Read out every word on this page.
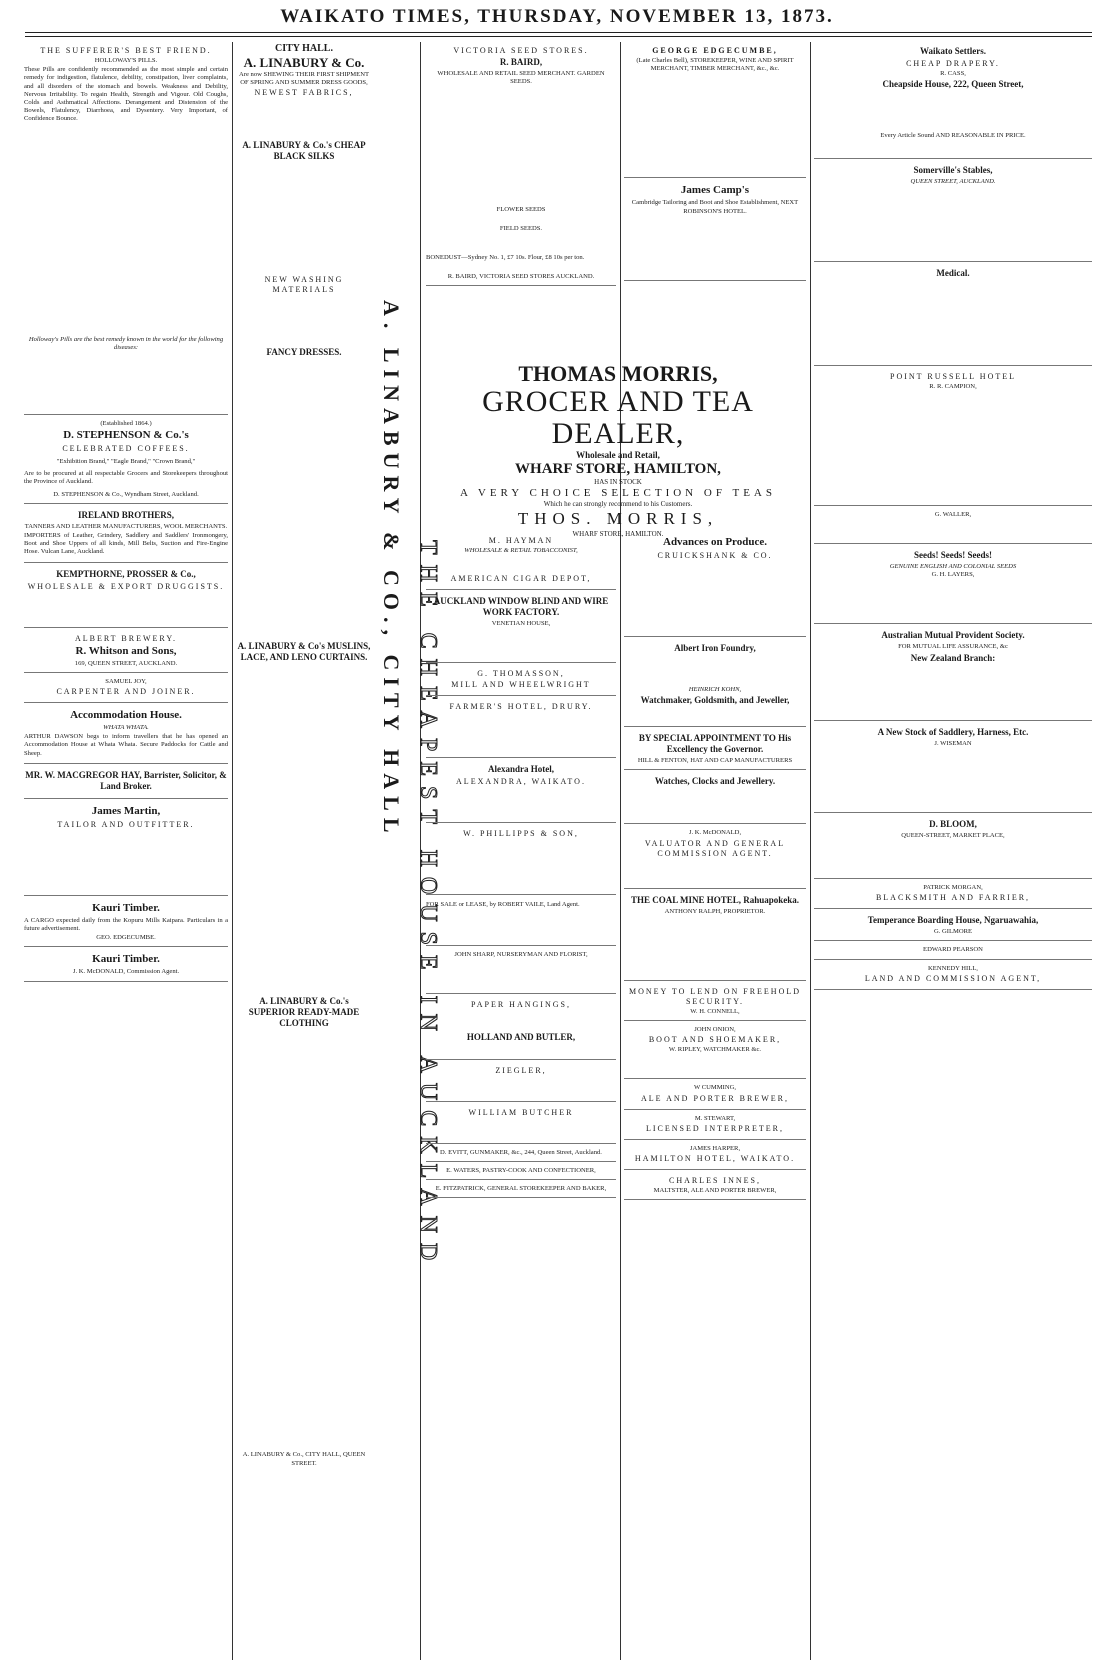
WAIKATO TIMES, THURSDAY, NOVEMBER 13, 1873.
THE SUFFERER'S BEST FRIEND.
HOLLOWAY'S PILLS.
These Pills are confidently recommended as the most simple and certain remedy for indigestion, flatulence, debility, constipation, liver complaints, and all disorders of the stomach and bowels. Weakness and Debility, Nervous Irritability. To regain Health, Strength and Vigour. Old Coughs, Colds and Asthmatical Affections. Derangement and Distension of the Bowels, Flatulency, Diarrhoea, and Dysentery. Very Important, of Confidence Bounce.
Holloway's Pills are the best remedy known in the world for the following diseases:
(Established 1864.)
D. STEPHENSON & Co.'s
CELEBRATED COFFEES.
"Exhibition Brand," "Eagle Brand," "Crown Brand,"
Are to be procured at all respectable Grocers and Storekeepers throughout the Province of Auckland.
D. STEPHENSON & Co., Wyndham Street, Auckland.
IRELAND BROTHERS,
TANNERS AND LEATHER MANUFACTURERS, WOOL MERCHANTS.
IMPORTERS of Leather, Grindery, Saddlery and Saddlers' Ironmongery, Boot and Shoe Uppers of all kinds, Mill Belts, Suction and Fire-Engine Hose. Vulcan Lane, Auckland.
KEMPTHORNE, PROSSER & Co.,
WHOLESALE & EXPORT DRUGGISTS.
ALBERT BREWERY.
R. Whitson and Sons,
169, QUEEN STREET, AUCKLAND.
SAMUEL JOY,
CARPENTER AND JOINER.
Accommodation House.
WHATA WHATA.
ARTHUR DAWSON begs to inform travellers that he has opened an Accommodation House at Whata Whata. Secure Paddocks for Cattle and Sheep.
MR. W. MACGREGOR HAY, Barrister, Solicitor, & Land Broker.
James Martin,
TAILOR AND OUTFITTER.
Kauri Timber.
A CARGO expected daily from the Kopuru Mills Kaipara. Particulars in a future advertisement.
GEO. EDGECUMBE.
Kauri Timber.
J. K. McDONALD, Commission Agent.
CITY HALL.
A. LINABURY & Co.
Are now SHEWING THEIR FIRST SHIPMENT OF SPRING AND SUMMER DRESS GOODS,
NEWEST FABRICS,
A. LINABURY & Co.'s CHEAP BLACK SILKS
NEW WASHING MATERIALS
FANCY DRESSES.
A. LINABURY & Co's MUSLINS, LACE, AND LENO CURTAINS.
A. LINABURY & Co.'s SUPERIOR READY-MADE CLOTHING
A. LINABURY & Co., CITY HALL, QUEEN STREET.
A. LINABURY & CO., CITY HALL THE CHEAPEST HOUSE IN AUCKLAND
VICTORIA SEED STORES.
R. BAIRD,
WHOLESALE AND RETAIL SEED MERCHANT. GARDEN SEEDS.
FLOWER SEEDS
FIELD SEEDS.
BONEDUST—Sydney No. 1, £7 10s. Flour, £8 10s per ton.
R. BAIRD, VICTORIA SEED STORES AUCKLAND.
THOMAS MORRIS,
GROCER AND TEA DEALER,
Wholesale and Retail,
WHARF STORE, HAMILTON,
HAS IN STOCK
A VERY CHOICE SELECTION OF TEAS
Which he can strongly recommend to his Customers.
THOS. MORRIS,
WHARF STORE, HAMILTON.
M. HAYMAN
WHOLESALE & RETAIL TOBACCONIST,
AMERICAN CIGAR DEPOT,
AUCKLAND WINDOW BLIND AND WIRE WORK FACTORY.
VENETIAN HOUSE,
G. THOMASSON,
MILL AND WHEELWRIGHT
FARMER'S HOTEL, DRURY.
Alexandra Hotel,
ALEXANDRA, WAIKATO.
W. PHILLIPPS & SON,
FOR SALE or LEASE, by ROBERT VAILE, Land Agent.
JOHN SHARP, NURSERYMAN AND FLORIST,
PAPER HANGINGS,
HOLLAND AND BUTLER,
ZIEGLER,
WILLIAM BUTCHER
D. EVITT, GUNMAKER, &c., 244, Queen Street, Auckland.
E. WATERS, PASTRY-COOK AND CONFECTIONER,
E. FITZPATRICK, GENERAL STOREKEEPER AND BAKER,
GEORGE EDGECUMBE,
(Late Charles Bell), STOREKEEPER, WINE AND SPIRIT MERCHANT, TIMBER MERCHANT, &c., &c.
James Camp's
Cambridge Tailoring and Boot and Shoe Establishment, NEXT ROBINSON'S HOTEL.
Advances on Produce.
CRUICKSHANK & CO.
Albert Iron Foundry,
HEINRICH KOHN,
Watchmaker, Goldsmith, and Jeweller,
BY SPECIAL APPOINTMENT TO His Excellency the Governor.
HILL & FENTON, HAT AND CAP MANUFACTURERS
Watches, Clocks and Jewellery.
J. K. McDONALD,
VALUATOR AND GENERAL COMMISSION AGENT.
THE COAL MINE HOTEL, Rahuapokeka.
ANTHONY RALPH, PROPRIETOR.
MONEY TO LEND ON FREEHOLD SECURITY.
W. H. CONNELL,
JOHN ONION,
BOOT AND SHOEMAKER,
W. RIPLEY, WATCHMAKER &c.
W CUMMING,
ALE AND PORTER BREWER,
M. STEWART,
LICENSED INTERPRETER,
JAMES HARPER,
HAMILTON HOTEL, WAIKATO.
CHARLES INNES,
MALTSTER, ALE AND PORTER BREWER,
Waikato Settlers.
CHEAP DRAPERY.
R. CASS,
Cheapside House, 222, Queen Street,
Every Article Sound AND REASONABLE IN PRICE.
Somerville's Stables,
QUEEN STREET, AUCKLAND.
Medical.
POINT RUSSELL HOTEL
R. R. CAMPION,
G. WALLER,
Seeds! Seeds! Seeds!
GENUINE ENGLISH AND COLONIAL SEEDS
G. H. LAYERS,
Australian Mutual Provident Society.
FOR MUTUAL LIFE ASSURANCE, &c
New Zealand Branch:
A New Stock of Saddlery, Harness, Etc.
J. WISEMAN
D. BLOOM,
QUEEN-STREET, MARKET PLACE,
PATRICK MORGAN,
BLACKSMITH AND FARRIER,
Temperance Boarding House, Ngaruawahia,
G. GILMORE
EDWARD PEARSON
KENNEDY HILL,
LAND AND COMMISSION AGENT,
